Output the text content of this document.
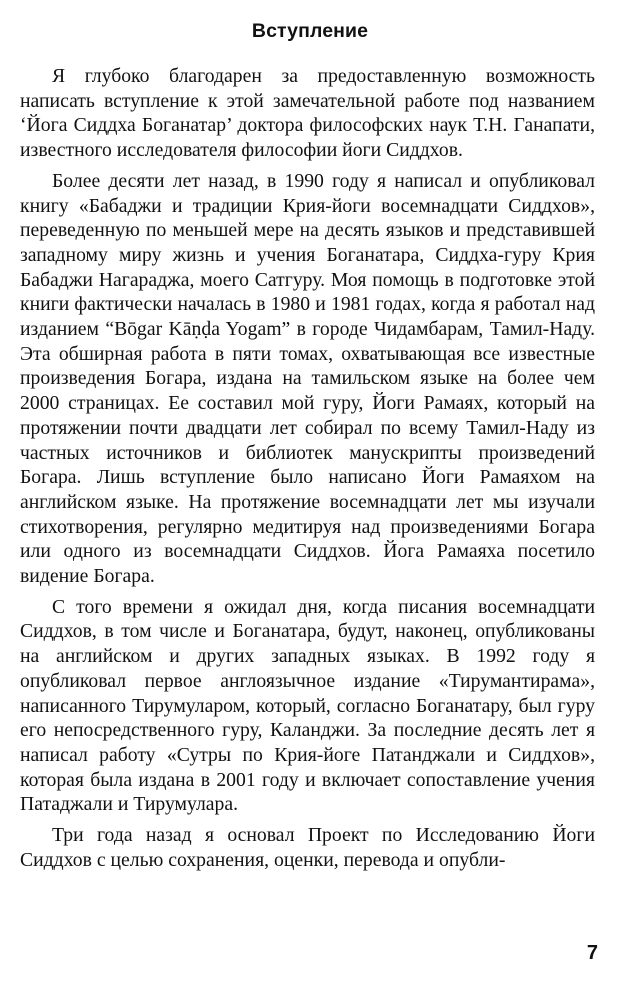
Вступление

Я глубоко благодарен за предоставленную возможность написать вступление к этой замечательной работе под названием ‘Йога Сиддха Боганатар’ доктора философских наук Т.Н. Ганапати, известного исследователя философии йоги Сиддхов.

Более десяти лет назад, в 1990 году я написал и опубликовал книгу «Бабаджи и традиции Крия-йоги восемнадцати Сиддхов», переведенную по меньшей мере на десять языков и представившей западному миру жизнь и учения Боганатара, Сиддха-гуру Крия Бабаджи Нагараджа, моего Сатгуру. Моя помощь в подготовке этой книги фактически началась в 1980 и 1981 годах, когда я работал над изданием “Bōgar Kāṇḍa Yogam” в городе Чидамбарам, Тамил-Наду. Эта обширная работа в пяти томах, охватывающая все известные произведения Богара, издана на тамильском языке на более чем 2000 страницах. Ее составил мой гуру, Йоги Рамаях, который на протяжении почти двадцати лет собирал по всему Тамил-Наду из частных источников и библиотек манускрипты произведений Богара. Лишь вступление было написано Йоги Рамаяхом на английском языке. На протяжение восемнадцати лет мы изучали стихотворения, регулярно медитируя над произведениями Богара или одного из восемнадцати Сиддхов. Йога Рамаяха посетило видение Богара.

С того времени я ожидал дня, когда писания восемнадцати Сиддхов, в том числе и Боганатара, будут, наконец, опубликованы на английском и других западных языках. В 1992 году я опубликовал первое англоязычное издание «Тирумантирама», написанного Тирумуларом, который, согласно Боганатару, был гуру его непосредственного гуру, Каланджи. За последние десять лет я написал работу «Сутры по Крия-йоге Патанджали и Сиддхов», которая была издана в 2001 году и включает сопоставление учения Патаджали и Тирумулара.

Три года назад я основал Проект по Исследованию Йоги Сиддхов с целью сохранения, оценки, перевода и опубли-

7
